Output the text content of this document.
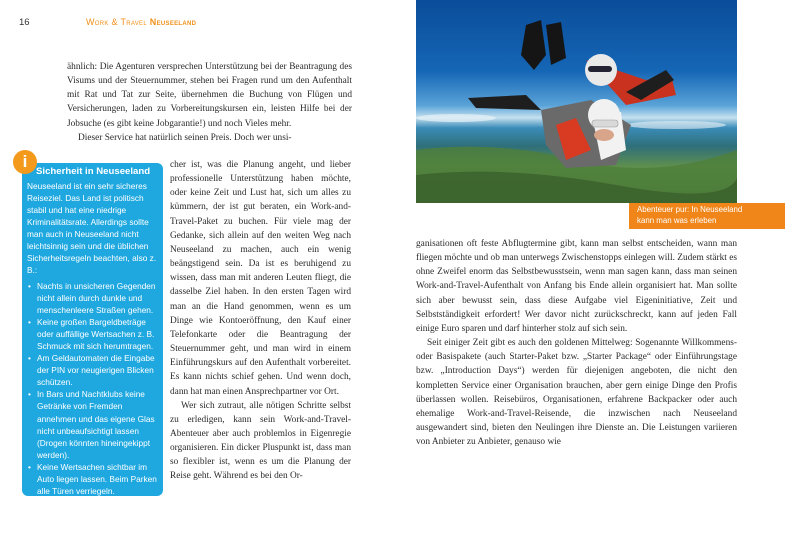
16	Work & Travel Neuseeland

ähnlich: Die Agenturen versprechen Unterstützung bei der Beantragung des Visums und der Steuernummer, stehen bei Fragen rund um den Aufenthalt mit Rat und Tat zur Seite, übernehmen die Buchung von Flügen und Versicherungen, laden zu Vorbereitungskursen ein, leisten Hilfe bei der Jobsuche (es gibt keine Jobgarantie!) und noch Vieles mehr.

Dieser Service hat natürlich seinen Preis. Doch wer unsi-

cher ist, was die Planung angeht, und lieber professionelle Unterstützung haben möchte, oder keine Zeit und Lust hat, sich um alles zu kümmern, der ist gut beraten, ein Work-and-Travel-Paket zu buchen. Für viele mag der Gedanke, sich allein auf den weiten Weg nach Neuseeland zu machen, auch ein wenig beängstigend sein. Da ist es beruhigend zu wissen, dass man mit anderen Leuten fliegt, die dasselbe Ziel haben. In den ersten Tagen wird man an die Hand genommen, wenn es um Dinge wie Kontoeröffnung, den Kauf einer Telefonkarte oder die Beantragung der Steuernummer geht, und man wird in einem Einführungskurs auf den Aufenthalt vorbereitet. Es kann nichts schief gehen. Und wenn doch, dann hat man einen Ansprechpartner vor Ort.

Wer sich zutraut, alle nötigen Schritte selbst zu erledigen, kann sein Work-and-Travel-Abenteuer aber auch problemlos in Eigenregie organisieren. Ein dicker Pluspunkt ist, dass man so flexibler ist, wenn es um die Planung der Reise geht. Während es bei den Or-

Sicherheit in Neuseeland
Neuseeland ist ein sehr sicheres Reiseziel. Das Land ist politisch stabil und hat eine niedrige Kriminalitätsrate. Allerdings sollte man auch in Neuseeland nicht leichtsinnig sein und die üblichen Sicherheitsregeln beachten, also z. B.:
• Nachts in unsicheren Gegenden nicht allein durch dunkle und menschenleere Straßen gehen.
• Keine großen Bargeldbeträge oder auffällige Wertsachen z. B. Schmuck mit sich herumtragen.
• Am Geldautomaten die Eingabe der PIN vor neugierigen Blicken schützen.
• In Bars und Nachtklubs keine Getränke von Fremden annehmen und das eigene Glas nicht unbeaufsichtigt lassen (Drogen könnten hineingekippt werden).
• Keine Wertsachen sichtbar im Auto liegen lassen. Beim Parken alle Türen verriegeln.
i
Abenteuer pur: In Neuseeland
kann man was erleben

ganisationen oft feste Abflugtermine gibt, kann man selbst entscheiden, wann man fliegen möchte und ob man unterwegs Zwischenstopps einlegen will. Zudem stärkt es ohne Zweifel enorm das Selbstbewusstsein, wenn man sagen kann, dass man seinen Work-and-Travel-Aufenthalt von Anfang bis Ende allein organisiert hat. Man sollte sich aber bewusst sein, dass diese Aufgabe viel Eigeninitiative, Zeit und Selbstständigkeit erfordert! Wer davor nicht zurückschreckt, kann auf jeden Fall einige Euro sparen und darf hinterher stolz auf sich sein.

Seit einiger Zeit gibt es auch den goldenen Mittelweg: Sogenannte Willkommens- oder Basispakete (auch Starter-Paket bzw. „Starter Package“ oder Einführungstage bzw. „Introduction Days“) werden für diejenigen angeboten, die nicht den kompletten Service einer Organisation brauchen, aber gern einige Dinge den Profis überlassen wollen. Reisebüros, Organisationen, erfahrene Backpacker oder auch ehemalige Work-and-Travel-Reisende, die inzwischen nach Neuseeland ausgewandert sind, bieten den Neulingen ihre Dienste an. Die Leistungen variieren von Anbieter zu Anbieter, genauso wie
